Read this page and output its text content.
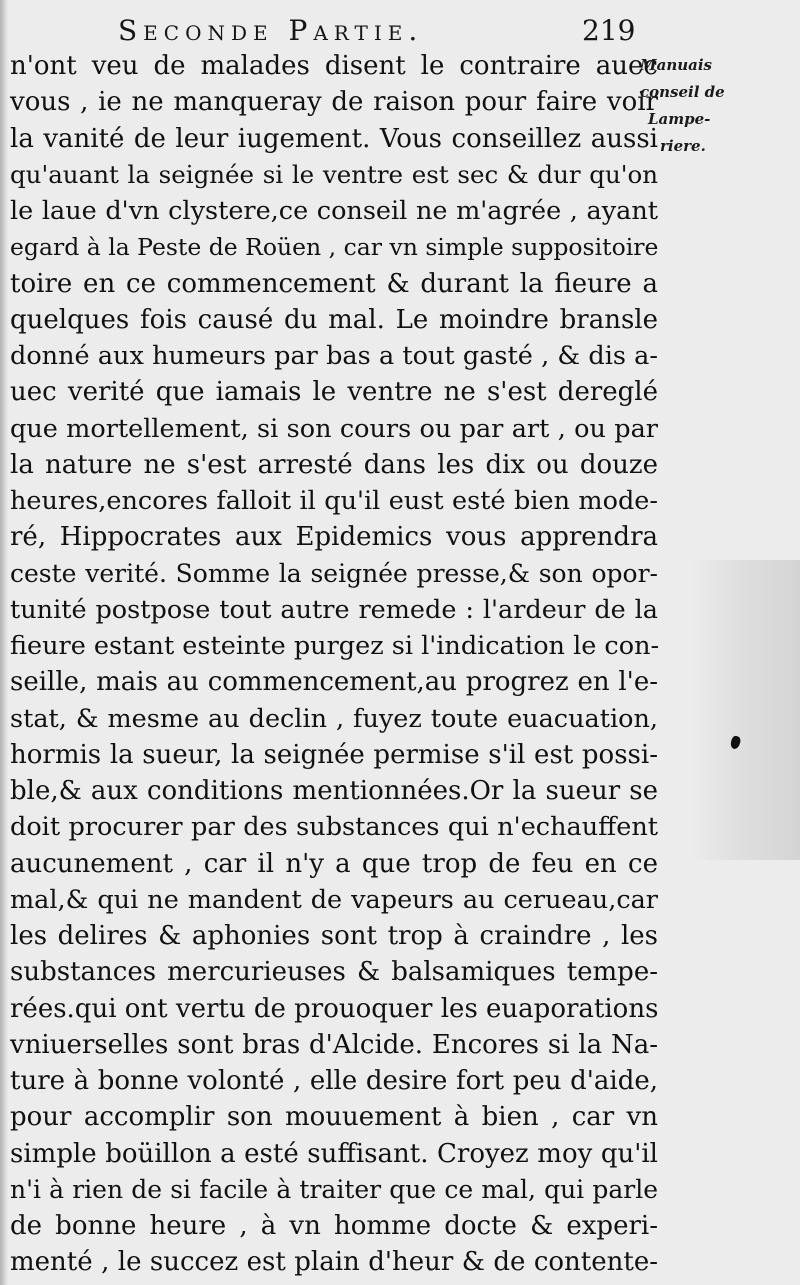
Seconde Partie.	219
n'ont veu de malades disent le contraire auec
vous , ie ne manqueray de raison pour faire voir
la vanité de leur iugement. Vous conseillez aussi
qu'auant la seignée si le ventre est sec & dur qu'on
le laue d'vn clystere,ce conseil ne m'agrée , ayant
egard à la Peste de Roüen , car vn simple suppositoire
toire en ce commencement & durant la fieure a
quelques fois causé du mal. Le moindre bransle
donné aux humeurs par bas a tout gasté , & dis a-
uec verité que iamais le ventre ne s'est dereglé
que mortellement, si son cours ou par art , ou par
la nature ne s'est arresté dans les dix ou douze
heures,encores falloit il qu'il eust esté bien mode-
ré, Hippocrates aux Epidemics vous apprendra
ceste verité. Somme la seignée presse,& son opor-
tunité postpose tout autre remede : l'ardeur de la
fieure estant esteinte purgez si l'indication le con-
seille, mais au commencement,au progrez en l'e-
stat, & mesme au declin , fuyez toute euacuation,
hormis la sueur, la seignée permise s'il est possi-
ble,& aux conditions mentionnées.Or la sueur se
doit procurer par des substances qui n'echauffent
aucunement , car il n'y a que trop de feu en ce
mal,& qui ne mandent de vapeurs au cerueau,car
les delires & aphonies sont trop à craindre , les
substances mercurieuses & balsamiques tempe-
rées.qui ont vertu de prouoquer les euaporations
vniuerselles sont bras d'Alcide. Encores si la Na-
ture à bonne volonté , elle desire fort peu d'aide,
pour accomplir son mouuement à bien , car vn
simple boüillon a esté suffisant. Croyez moy qu'il
n'i à rien de si facile à traiter que ce mal, qui parle
de bonne heure , à vn homme docte & experi-
menté , le succez est plain d'heur & de contente-
Manuais
conseil de
Lampe-
riere.
